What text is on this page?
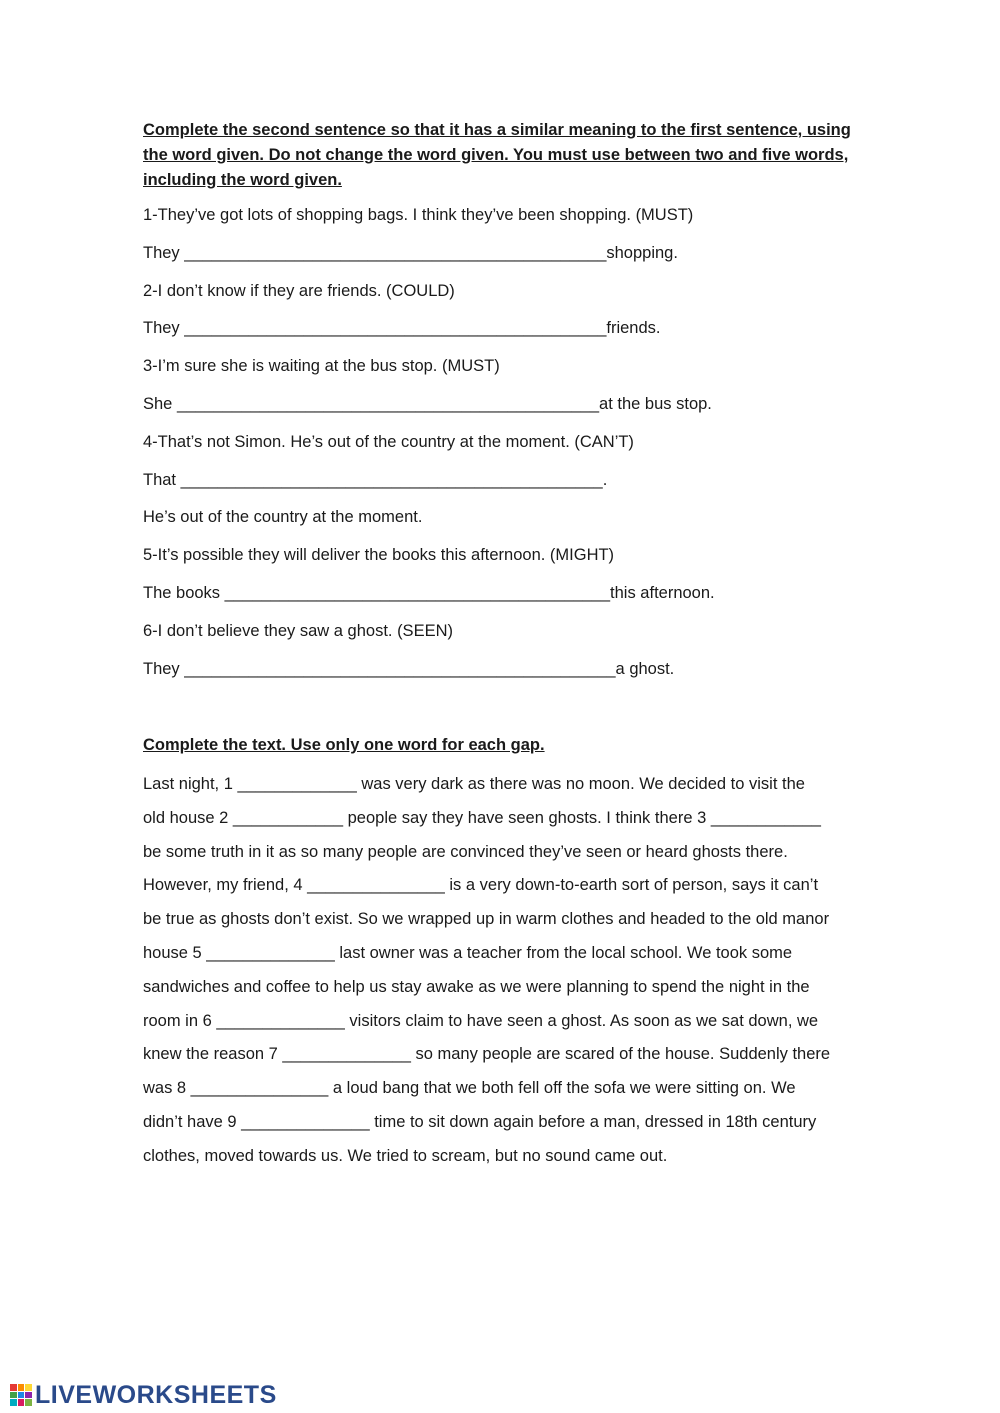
Complete the second sentence so that it has a similar meaning to the first sentence, using the word given. Do not change the word given. You must use between two and five words, including the word given.
1-They’ve got lots of shopping bags. I think they’ve been shopping. (MUST)
They ______________________________________________shopping.
2-I don’t know if they are friends. (COULD)
They ______________________________________________friends.
3-I’m sure she is waiting at the bus stop. (MUST)
She ______________________________________________at the bus stop.
4-That’s not Simon. He’s out of the country at the moment. (CAN’T)
That ______________________________________________.
He’s out of the country at the moment.
5-It’s possible they will deliver the books this afternoon. (MIGHT)
The books __________________________________________this afternoon.
6-I don’t believe they saw a ghost. (SEEN)
They _______________________________________________a ghost.
Complete the text. Use only one word for each gap.
Last night, 1 _____________ was very dark as there was no moon. We decided to visit the
old house 2 ____________ people say they have seen ghosts. I think there 3 ____________
be some truth in it as so many people are convinced they’ve seen or heard ghosts there.
However, my friend, 4 _______________ is a very down-to-earth sort of person, says it can’t
be true as ghosts don’t exist. So we wrapped up in warm clothes and headed to the old manor
house 5 ______________ last owner was a teacher from the local school. We took some
sandwiches and coffee to help us stay awake as we were planning to spend the night in the
room in 6 ______________ visitors claim to have seen a ghost. As soon as we sat down, we
knew the reason 7 ______________ so many people are scared of the house. Suddenly there
was 8 _______________ a loud bang that we both fell off the sofa we were sitting on. We
didn’t have 9 ______________ time to sit down again before a man, dressed in 18th century
clothes, moved towards us. We tried to scream, but no sound came out.
LIVEWORKSHEETS
